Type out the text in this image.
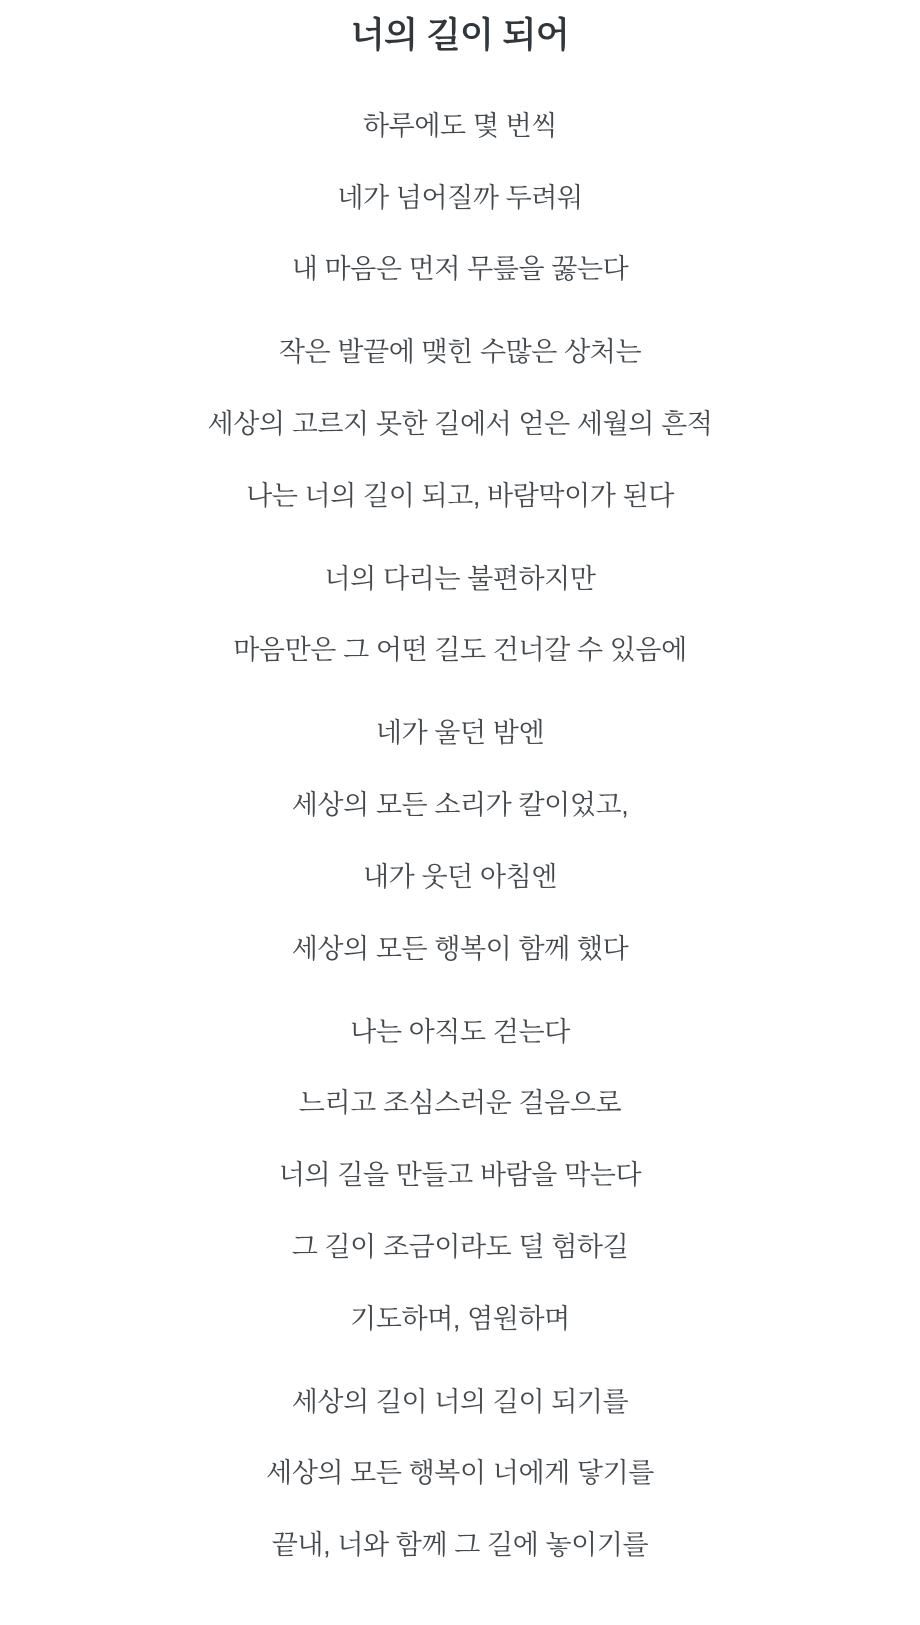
너의 길이 되어

하루에도 몇 번씩

네가 넘어질까 두려워

내 마음은 먼저 무릎을 꿇는다

작은 발끝에 맺힌 수많은 상처는

세상의 고르지 못한 길에서 얻은 세월의 흔적

나는 너의 길이 되고, 바람막이가 된다

너의 다리는 불편하지만

마음만은 그 어떤 길도 건너갈 수 있음에

네가 울던 밤엔

세상의 모든 소리가 칼이었고,

내가 웃던 아침엔

세상의 모든 행복이 함께 했다

나는 아직도 걷는다

느리고 조심스러운 걸음으로

너의 길을 만들고 바람을 막는다

그 길이 조금이라도 덜 험하길

기도하며, 염원하며

세상의 길이 너의 길이 되기를

세상의 모든 행복이 너에게 닿기를

끝내, 너와 함께 그 길에 놓이기를
